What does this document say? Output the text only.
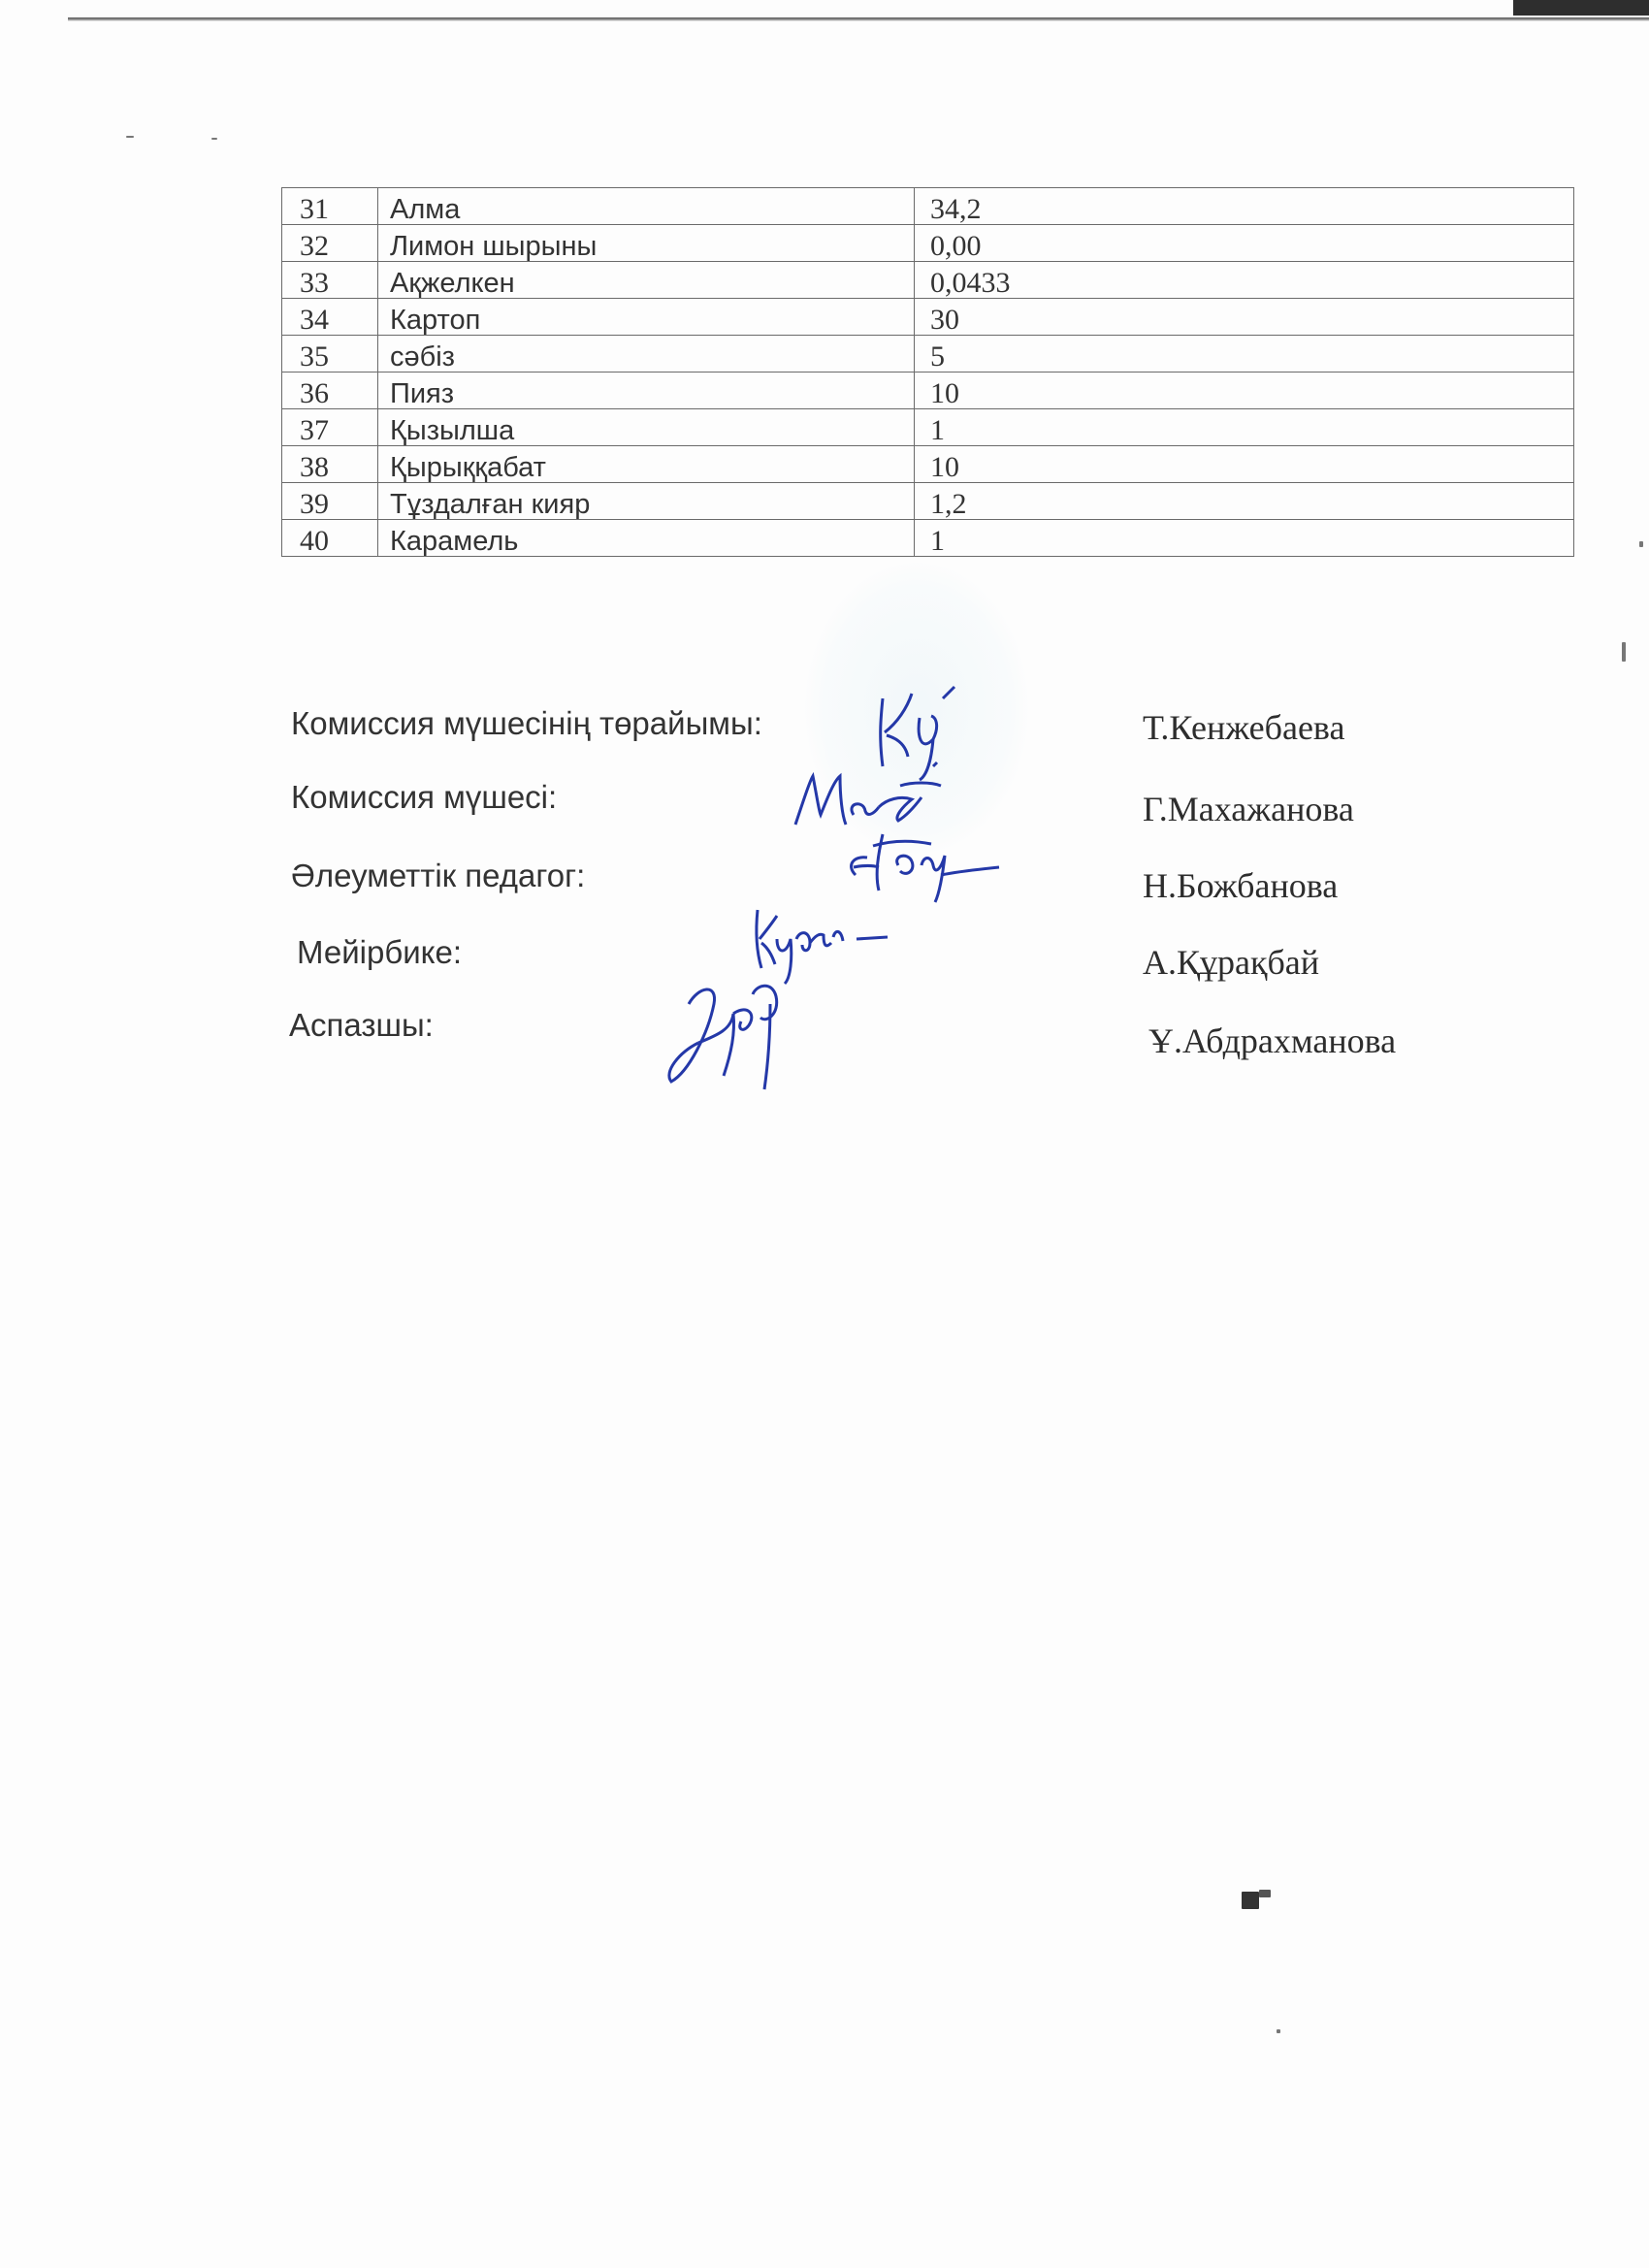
31	Алма	34,2
32	Лимон шырыны	0,00
33	Ақжелкен	0,0433
34	Картоп	30
35	сәбіз	5
36	Пияз	10
37	Қызылша	1
38	Қырыққабат	10
39	Тұздалған кияр	1,2
40	Карамель	1
Комиссия мүшесінің төрайымы:	Т.Кенжебаева
Комиссия мүшесі:	Г.Махажанова
Әлеуметтік педагог:	Н.Божбанова
Мейірбике:	А.Құрақбай
Аспазшы:	Ұ.Абдрахманова
